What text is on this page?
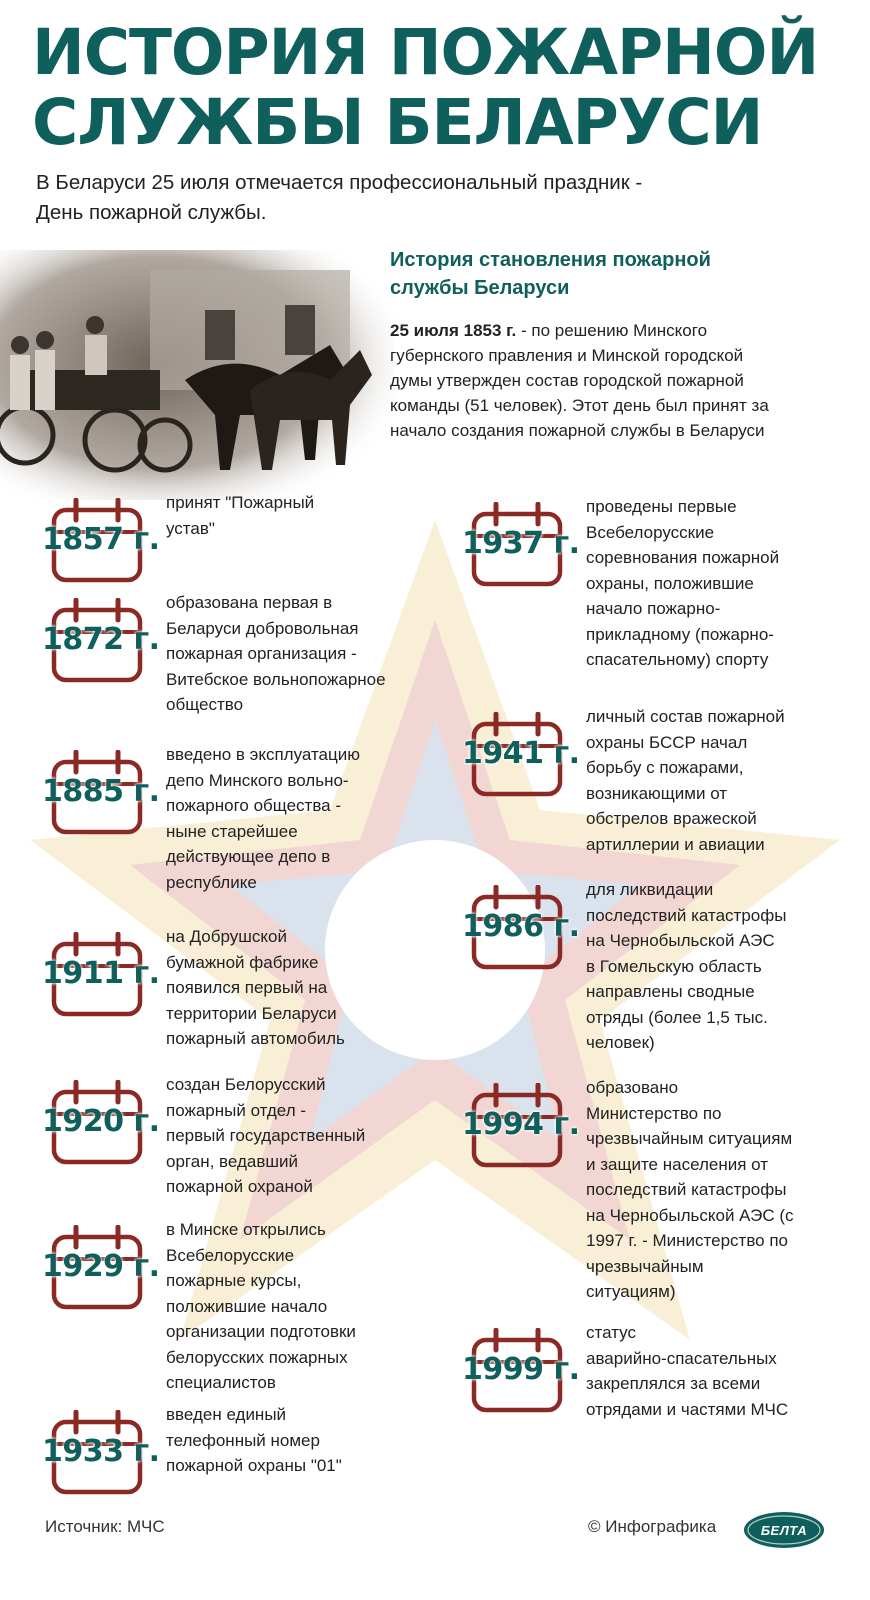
ИСТОРИЯ ПОЖАРНОЙ
СЛУЖБЫ БЕЛАРУСИ
В Беларуси 25 июля отмечается профессиональный праздник -
День пожарной службы.
История становления пожарной
службы Беларуси
25 июля 1853 г. - по решению Минского
губернского правления и Минской городской
думы утвержден состав городской пожарной
команды (51 человек). Этот день был принят за
начало создания пожарной службы в Беларуси
1857 г.
принят "Пожарный
устав"
1872 г.
образована первая в
Беларуси добровольная
пожарная организация -
Витебское вольнопожарное
общество
1885 г.
введено в эксплуатацию
депо Минского вольно-
пожарного общества -
ныне старейшее
действующее депо в
республике
1911 г.
на Добрушской
бумажной фабрике
появился первый на
территории Беларуси
пожарный автомобиль
1920 г.
создан Белорусский
пожарный отдел -
первый государственный
орган, ведавший
пожарной охраной
1929 г.
в Минске открылись
Всебелорусские
пожарные курсы,
положившие начало
организации подготовки
белорусских пожарных
специалистов
1933 г.
введен единый
телефонный номер
пожарной охраны "01"
1937 г.
проведены первые
Всебелорусские
соревнования пожарной
охраны, положившие
начало пожарно-
прикладному (пожарно-
спасательному) спорту
1941 г.
личный состав пожарной
охраны БССР начал
борьбу с пожарами,
возникающими от
обстрелов вражеской
артиллерии и авиации
1986 г.
для ликвидации
последствий катастрофы
на Чернобыльской АЭС
в Гомельскую область
направлены сводные
отряды (более 1,5 тыс.
человек)
1994 г.
образовано
Министерство по
чрезвычайным ситуациям
и защите населения от
последствий катастрофы
на Чернобыльской АЭС (с
1997 г. - Министерство по
чрезвычайным
ситуациям)
1999 г.
статус
аварийно-спасательных
закреплялся за всеми
отрядами и частями МЧС
Источник: МЧС	© Инфографика	БЕЛТА
